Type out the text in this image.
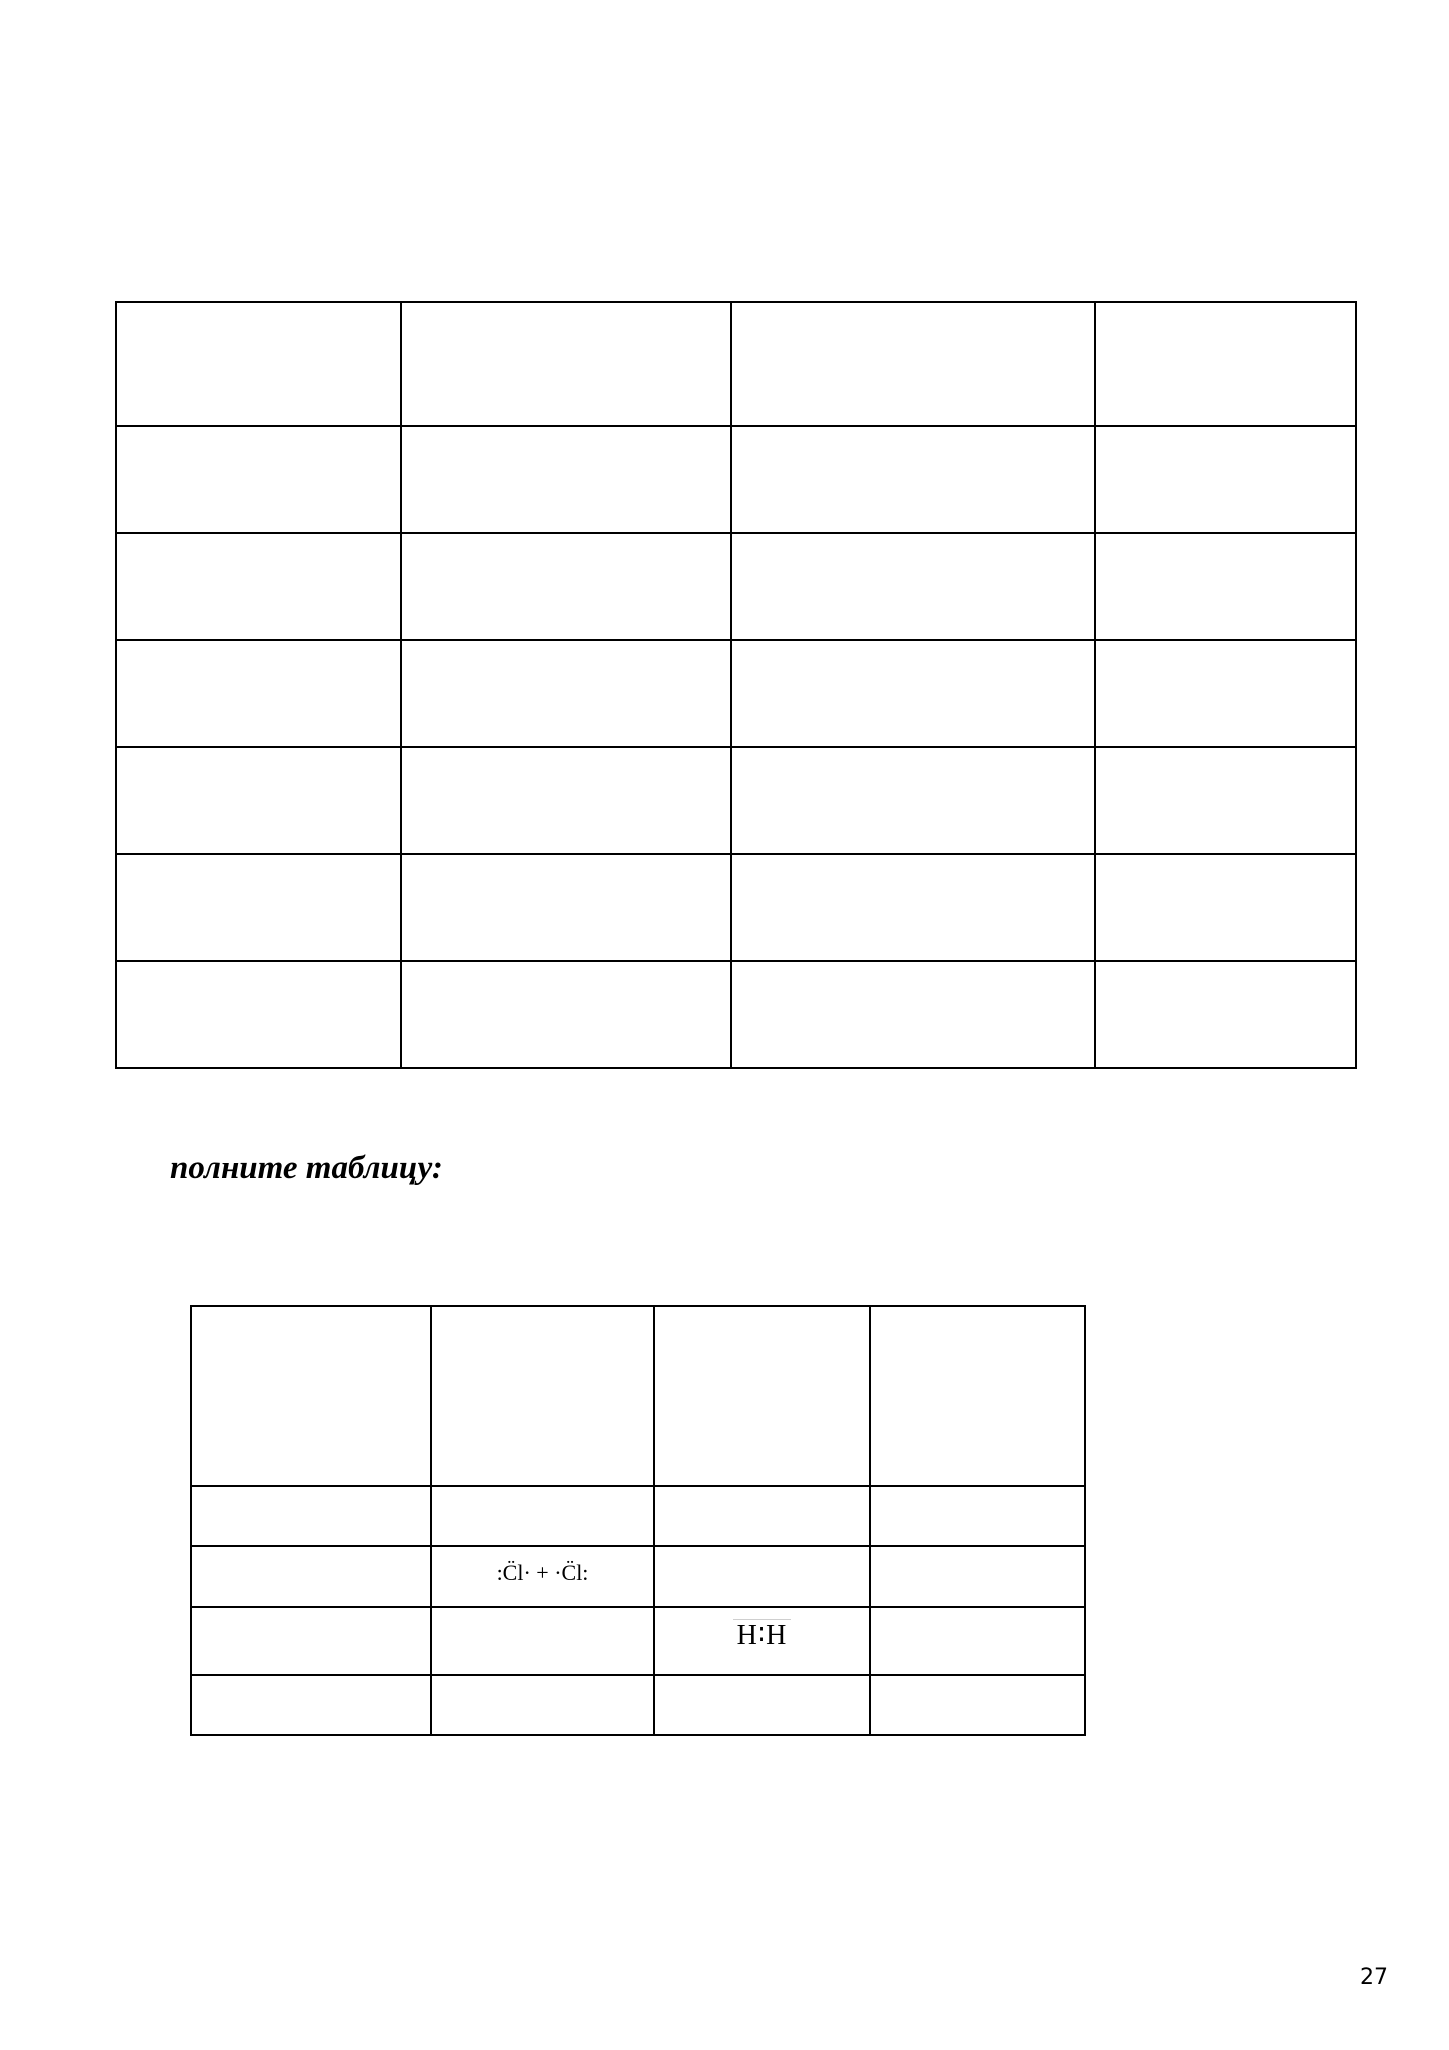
полните таблицу:

	:C̈l· + ·C̈l:		
		H∶H	

27
